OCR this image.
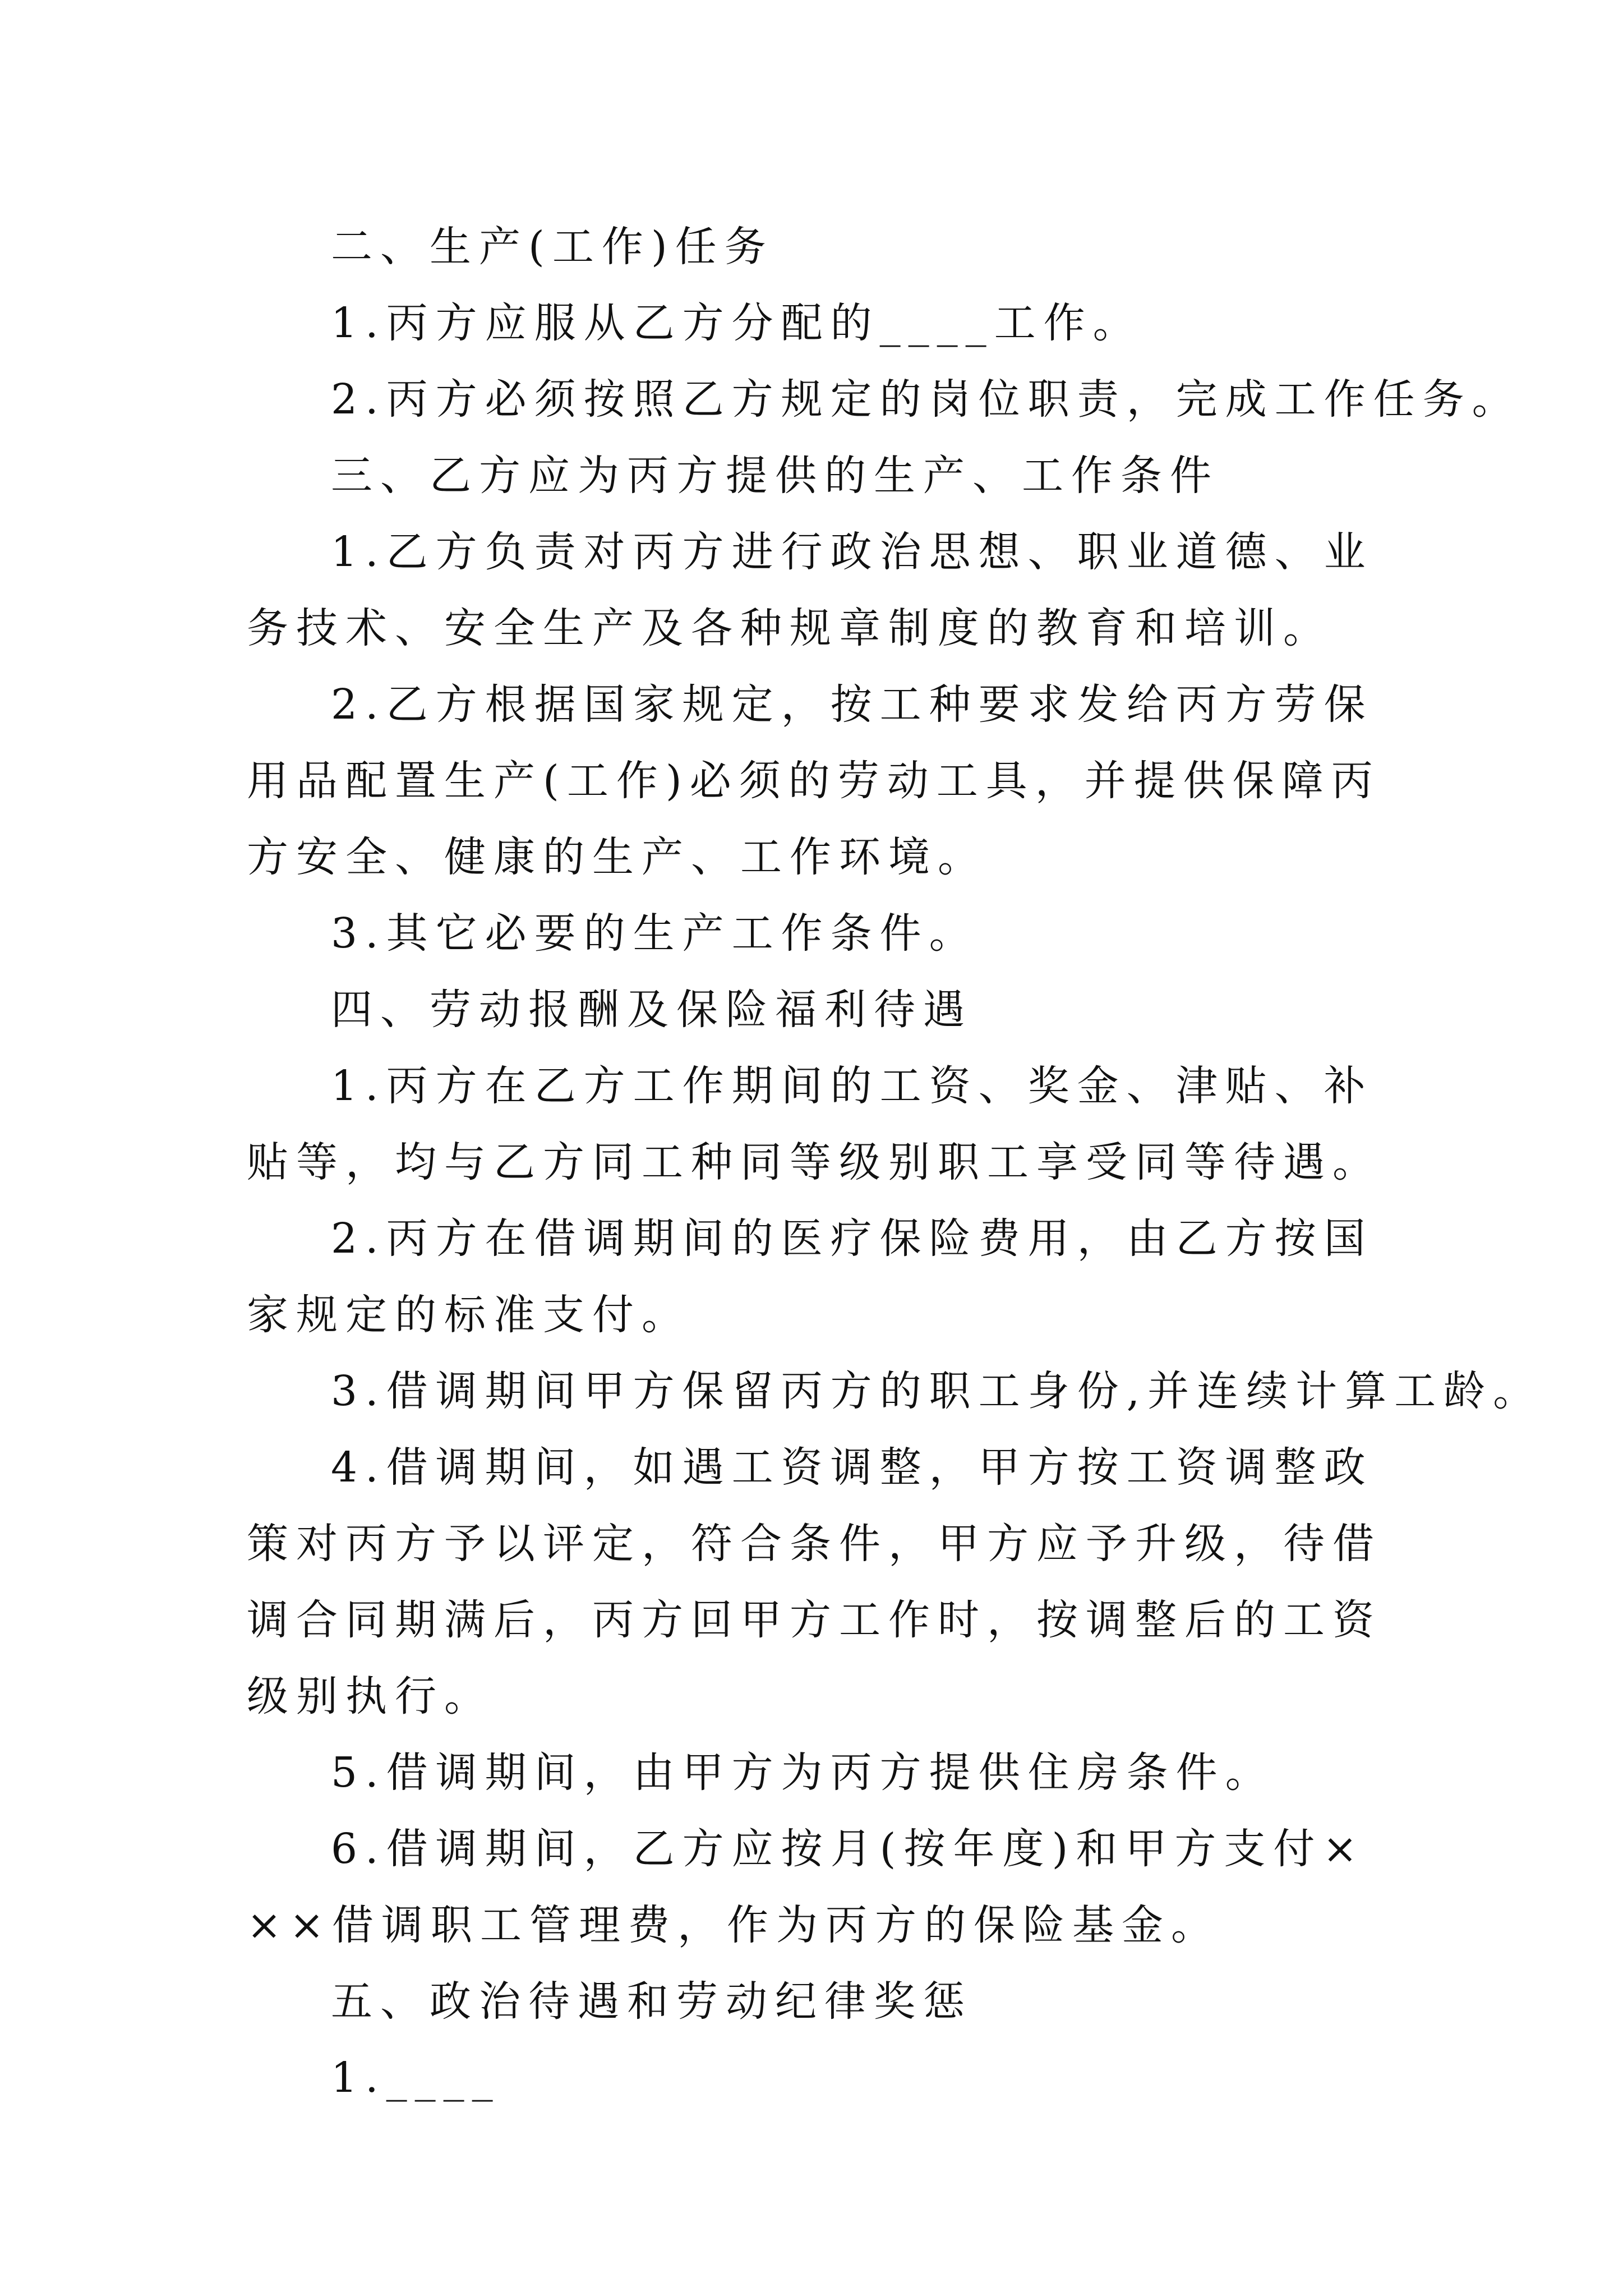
二、生产(工作)任务

1.丙方应服从乙方分配的____工作。

2.丙方必须按照乙方规定的岗位职责，完成工作任务。

三、乙方应为丙方提供的生产、工作条件

1.乙方负责对丙方进行政治思想、职业道德、业务技术、安全生产及各种规章制度的教育和培训。

2.乙方根据国家规定，按工种要求发给丙方劳保用品配置生产(工作)必须的劳动工具，并提供保障丙方安全、健康的生产、工作环境。

3.其它必要的生产工作条件。

四、劳动报酬及保险福利待遇

1.丙方在乙方工作期间的工资、奖金、津贴、补贴等，均与乙方同工种同等级别职工享受同等待遇。

2.丙方在借调期间的医疗保险费用，由乙方按国家规定的标准支付。

3.借调期间甲方保留丙方的职工身份,并连续计算工龄。

4.借调期间，如遇工资调整，甲方按工资调整政策对丙方予以评定，符合条件，甲方应予升级，待借调合同期满后，丙方回甲方工作时，按调整后的工资级别执行。

5.借调期间，由甲方为丙方提供住房条件。

6.借调期间，乙方应按月(按年度)和甲方支付×××借调职工管理费，作为丙方的保险基金。

五、政治待遇和劳动纪律奖惩

1.____
